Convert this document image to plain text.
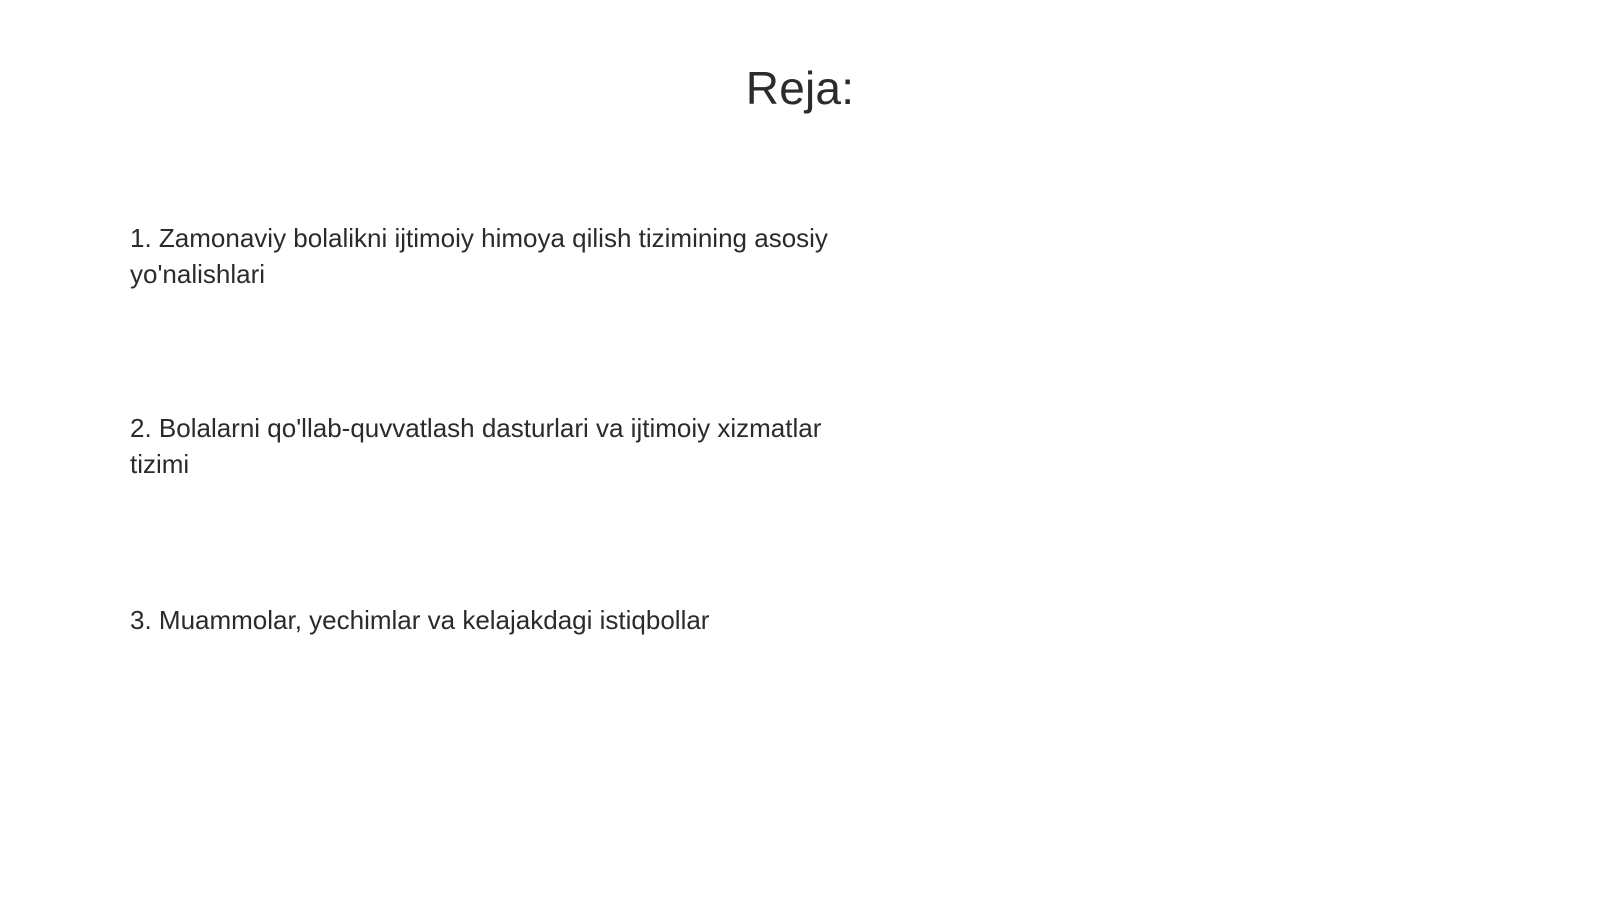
Reja:
1. Zamonaviy bolalikni ijtimoiy himoya qilish tizimining asosiy yo'nalishlari
2. Bolalarni qo'llab-quvvatlash dasturlari va ijtimoiy xizmatlar tizimi
3. Muammolar, yechimlar va kelajakdagi istiqbollar
